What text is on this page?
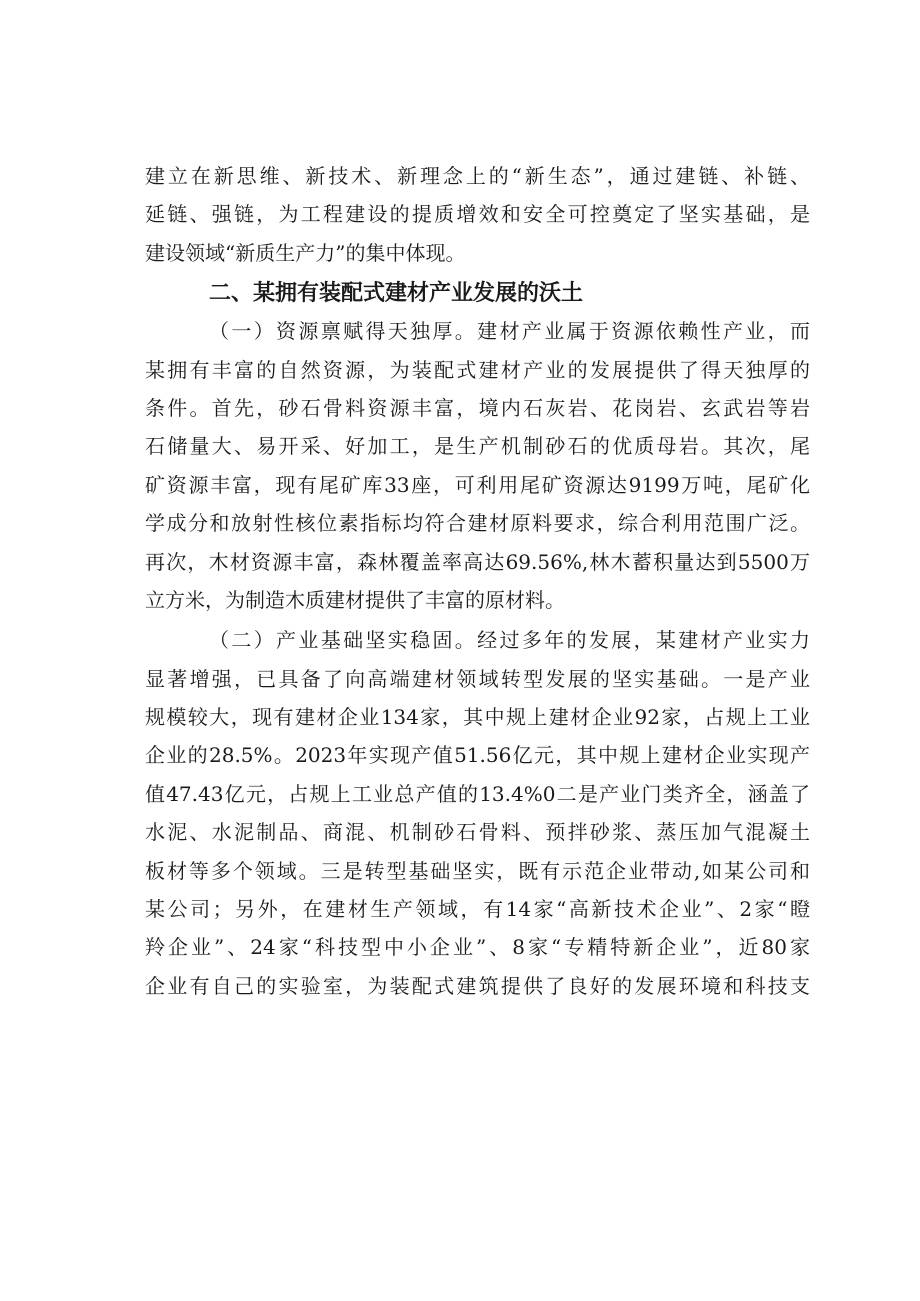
建立在新思维、新技术、新理念上的“新生态”，通过建链、补链、
延链、强链，为工程建设的提质增效和安全可控奠定了坚实基础，是
建设领域“新质生产力”的集中体现。
二、某拥有装配式建材产业发展的沃土
（一）资源禀赋得天独厚。建材产业属于资源依赖性产业，而
某拥有丰富的自然资源，为装配式建材产业的发展提供了得天独厚的
条件。首先，砂石骨料资源丰富，境内石灰岩、花岗岩、玄武岩等岩
石储量大、易开采、好加工，是生产机制砂石的优质母岩。其次，尾
矿资源丰富，现有尾矿库33座，可利用尾矿资源达9199万吨，尾矿化
学成分和放射性核位素指标均符合建材原料要求，综合利用范围广泛。
再次，木材资源丰富，森林覆盖率高达69.56%,林木蓄积量达到5500万
立方米，为制造木质建材提供了丰富的原材料。
（二）产业基础坚实稳固。经过多年的发展，某建材产业实力
显著增强，已具备了向高端建材领域转型发展的坚实基础。一是产业
规模较大，现有建材企业134家，其中规上建材企业92家，占规上工业
企业的28.5%。2023年实现产值51.56亿元，其中规上建材企业实现产
值47.43亿元，占规上工业总产值的13.4%0二是产业门类齐全，涵盖了
水泥、水泥制品、商混、机制砂石骨料、预拌砂浆、蒸压加气混凝土
板材等多个领域。三是转型基础坚实，既有示范企业带动,如某公司和
某公司；另外，在建材生产领域，有14家“高新技术企业”、2家“瞪
羚企业”、24家“科技型中小企业”、8家“专精特新企业”，近80家
企业有自己的实验室，为装配式建筑提供了良好的发展环境和科技支
